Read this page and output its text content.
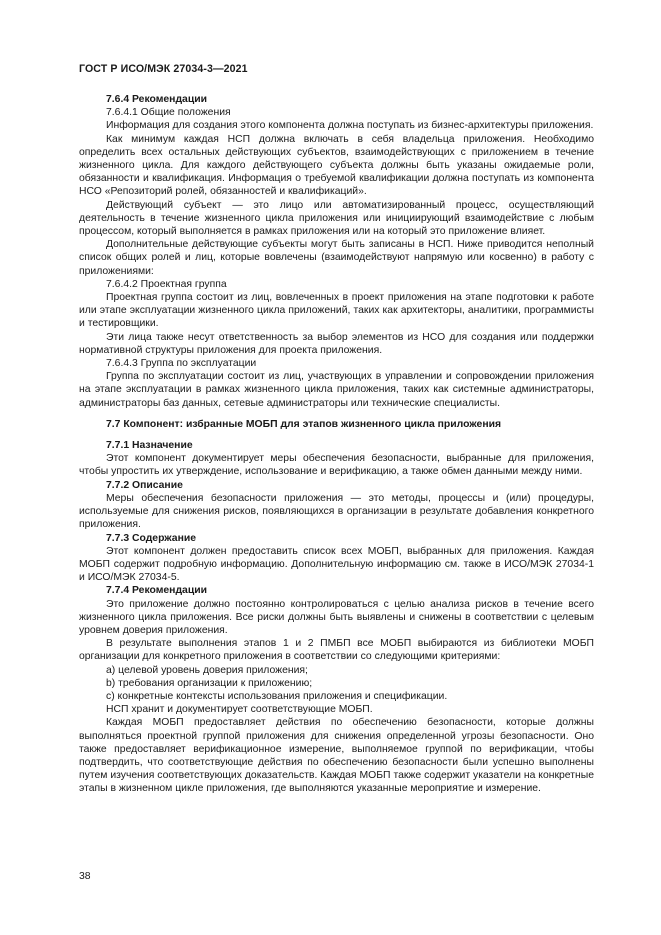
ГОСТ Р ИСО/МЭК 27034-3—2021

7.6.4 Рекомендации

7.6.4.1 Общие положения

Информация для создания этого компонента должна поступать из бизнес-архитектуры приложения.

Как минимум каждая НСП должна включать в себя владельца приложения. Необходимо определить всех остальных действующих субъектов, взаимодействующих с приложением в течение жизненного цикла. Для каждого действующего субъекта должны быть указаны ожидаемые роли, обязанности и квалификация. Информация о требуемой квалификации должна поступать из компонента НСО «Репозиторий ролей, обязанностей и квалификаций».

Действующий субъект — это лицо или автоматизированный процесс, осуществляющий деятельность в течение жизненного цикла приложения или инициирующий взаимодействие с любым процессом, который выполняется в рамках приложения или на который это приложение влияет.

Дополнительные действующие субъекты могут быть записаны в НСП. Ниже приводится неполный список общих ролей и лиц, которые вовлечены (взаимодействуют напрямую или косвенно) в работу с приложениями:

7.6.4.2 Проектная группа

Проектная группа состоит из лиц, вовлеченных в проект приложения на этапе подготовки к работе или этапе эксплуатации жизненного цикла приложений, таких как архитекторы, аналитики, программисты и тестировщики.

Эти лица также несут ответственность за выбор элементов из НСО для создания или поддержки нормативной структуры приложения для проекта приложения.

7.6.4.3 Группа по эксплуатации

Группа по эксплуатации состоит из лиц, участвующих в управлении и сопровождении приложения на этапе эксплуатации в рамках жизненного цикла приложения, таких как системные администраторы, администраторы баз данных, сетевые администраторы или технические специалисты.

7.7 Компонент: избранные МОБП для этапов жизненного цикла приложения

7.7.1 Назначение

Этот компонент документирует меры обеспечения безопасности, выбранные для приложения, чтобы упростить их утверждение, использование и верификацию, а также обмен данными между ними.

7.7.2 Описание

Меры обеспечения безопасности приложения — это методы, процессы и (или) процедуры, используемые для снижения рисков, появляющихся в организации в результате добавления конкретного приложения.

7.7.3 Содержание

Этот компонент должен предоставить список всех МОБП, выбранных для приложения. Каждая МОБП содержит подробную информацию. Дополнительную информацию см. также в ИСО/МЭК 27034-1 и ИСО/МЭК 27034-5.

7.7.4 Рекомендации

Это приложение должно постоянно контролироваться с целью анализа рисков в течение всего жизненного цикла приложения. Все риски должны быть выявлены и снижены в соответствии с целевым уровнем доверия приложения.

В результате выполнения этапов 1 и 2 ПМБП все МОБП выбираются из библиотеки МОБП организации для конкретного приложения в соответствии со следующими критериями:

а) целевой уровень доверия приложения;

b) требования организации к приложению;

с) конкретные контексты использования приложения и спецификации.

НСП хранит и документирует соответствующие МОБП.

Каждая МОБП предоставляет действия по обеспечению безопасности, которые должны выполняться проектной группой приложения для снижения определенной угрозы безопасности. Оно также предоставляет верификационное измерение, выполняемое группой по верификации, чтобы подтвердить, что соответствующие действия по обеспечению безопасности были успешно выполнены путем изучения соответствующих доказательств. Каждая МОБП также содержит указатели на конкретные этапы в жизненном цикле приложения, где выполняются указанные мероприятие и измерение.

38
